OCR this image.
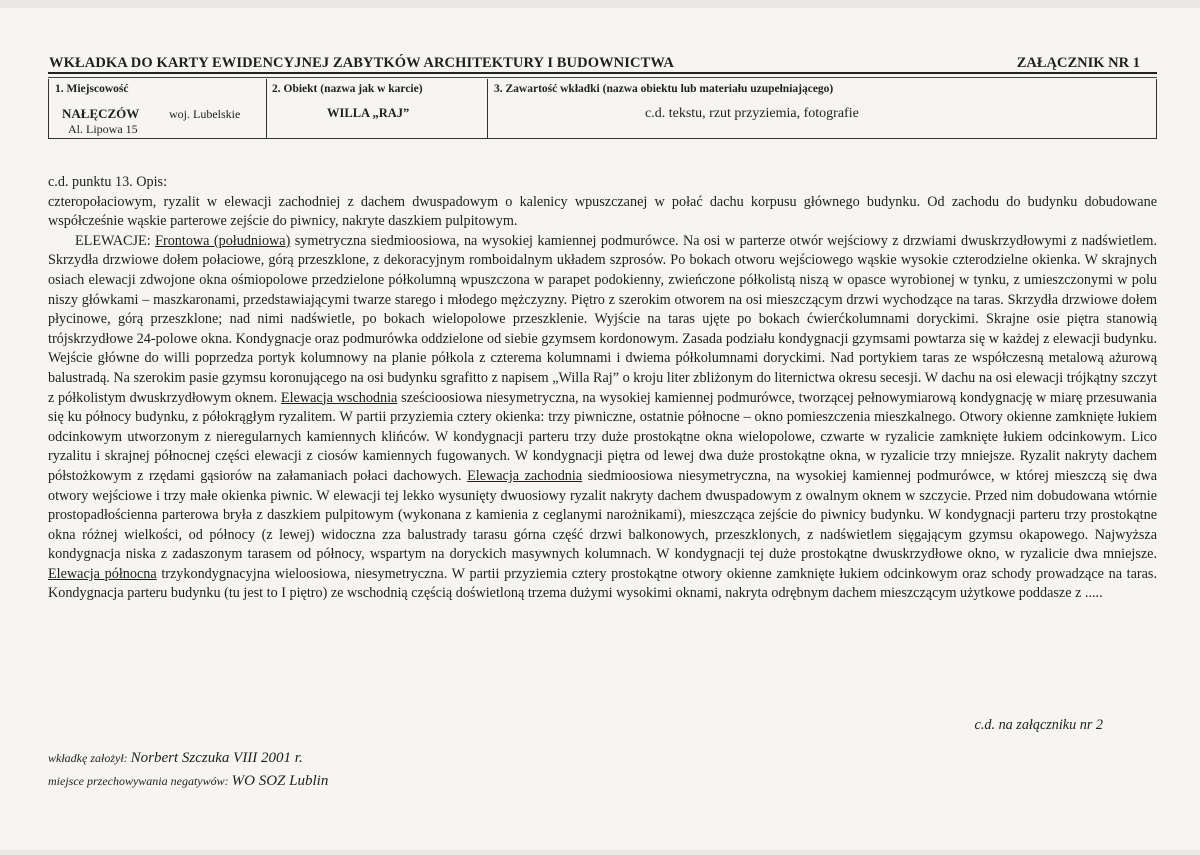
WKŁADKA DO KARTY EWIDENCYJNEJ ZABYTKÓW ARCHITEKTURY I BUDOWNICTWA	ZAŁĄCZNIK NR 1
1. Miejscowość
NAŁĘCZÓW woj. Lubelskie
Al. Lipowa 15
2. Obiekt (nazwa jak w karcie)
WILLA „RAJ”
3. Zawartość wkładki (nazwa obiektu lub materiału uzupełniającego)
c.d. tekstu, rzut przyziemia, fotografie

c.d. punktu 13. Opis:

czteropołaciowym, ryzalit w elewacji zachodniej z dachem dwuspadowym o kalenicy wpuszczanej w połać dachu korpusu głównego budynku. Od zachodu do budynku dobudowane współcześnie wąskie parterowe zejście do piwnicy, nakryte daszkiem pulpitowym.

ELEWACJE: Frontowa (południowa) symetryczna siedmioosiowa, na wysokiej kamiennej podmurówce. Na osi w parterze otwór wejściowy z drzwiami dwuskrzydłowymi z nadświetlem. Skrzydła drzwiowe dołem połaciowe, górą przeszklone, z dekoracyjnym romboidalnym układem szprosów. Po bokach otworu wejściowego wąskie wysokie czterodzielne okienka. W skrajnych osiach elewacji zdwojone okna ośmiopolowe przedzielone półkolumną wpuszczona w parapet podokienny, zwieńczone półkolistą niszą w opasce wyrobionej w tynku, z umieszczonymi w polu niszy główkami – maszkaronami, przedstawiającymi twarze starego i młodego mężczyzny. Piętro z szerokim otworem na osi mieszczącym drzwi wychodzące na taras. Skrzydła drzwiowe dołem płycinowe, górą przeszklone; nad nimi nadświetle, po bokach wielopolowe przeszklenie. Wyjście na taras ujęte po bokach ćwierćkolumnami doryckimi. Skrajne osie piętra stanowią trójskrzydłowe 24-polowe okna. Kondygnacje oraz podmurówka oddzielone od siebie gzymsem kordonowym. Zasada podziału kondygnacji gzymsami powtarza się w każdej z elewacji budynku. Wejście główne do willi poprzedza portyk kolumnowy na planie półkola z czterema kolumnami i dwiema półkolumnami doryckimi. Nad portykiem taras ze współczesną metalową ażurową balustradą. Na szerokim pasie gzymsu koronującego na osi budynku sgrafitto z napisem „Willa Raj” o kroju liter zbliżonym do liternictwa okresu secesji. W dachu na osi elewacji trójkątny szczyt z półkolistym dwuskrzydłowym oknem. Elewacja wschodnia sześcioosiowa niesymetryczna, na wysokiej kamiennej podmurówce, tworzącej pełnowymiarową kondygnację w miarę przesuwania się ku północy budynku, z półokrągłym ryzalitem. W partii przyziemia cztery okienka: trzy piwniczne, ostatnie północne – okno pomieszczenia mieszkalnego. Otwory okienne zamknięte łukiem odcinkowym utworzonym z nieregularnych kamiennych klińców. W kondygnacji parteru trzy duże prostokątne okna wielopolowe, czwarte w ryzalicie zamknięte łukiem odcinkowym. Lico ryzalitu i skrajnej północnej części elewacji z ciosów kamiennych fugowanych. W kondygnacji piętra od lewej dwa duże prostokątne okna, w ryzalicie trzy mniejsze. Ryzalit nakryty dachem półstożkowym z rzędami gąsiorów na załamaniach połaci dachowych. Elewacja zachodnia siedmioosiowa niesymetryczna, na wysokiej kamiennej podmurówce, w której mieszczą się dwa otwory wejściowe i trzy małe okienka piwnic. W elewacji tej lekko wysunięty dwuosiowy ryzalit nakryty dachem dwuspadowym z owalnym oknem w szczycie. Przed nim dobudowana wtórnie prostopadłościenna parterowa bryła z daszkiem pulpitowym (wykonana z kamienia z ceglanymi narożnikami), mieszcząca zejście do piwnicy budynku. W kondygnacji parteru trzy prostokątne okna różnej wielkości, od północy (z lewej) widoczna zza balustrady tarasu górna część drzwi balkonowych, przeszklonych, z nadświetlem sięgającym gzymsu okapowego. Najwyższa kondygnacja niska z zadaszonym tarasem od północy, wspartym na doryckich masywnych kolumnach. W kondygnacji tej duże prostokątne dwuskrzydłowe okno, w ryzalicie dwa mniejsze. Elewacja północna trzykondygnacyjna wieloosiowa, niesymetryczna. W partii przyziemia cztery prostokątne otwory okienne zamknięte łukiem odcinkowym oraz schody prowadzące na taras. Kondygnacja parteru budynku (tu jest to I piętro) ze wschodnią częścią doświetloną trzema dużymi wysokimi oknami, nakryta odrębnym dachem mieszczącym użytkowe poddasze z .....

c.d. na załączniku nr 2
wkładkę założył: Norbert Szczuka VIII 2001 r.
miejsce przechowywania negatywów: WO SOZ Lublin
